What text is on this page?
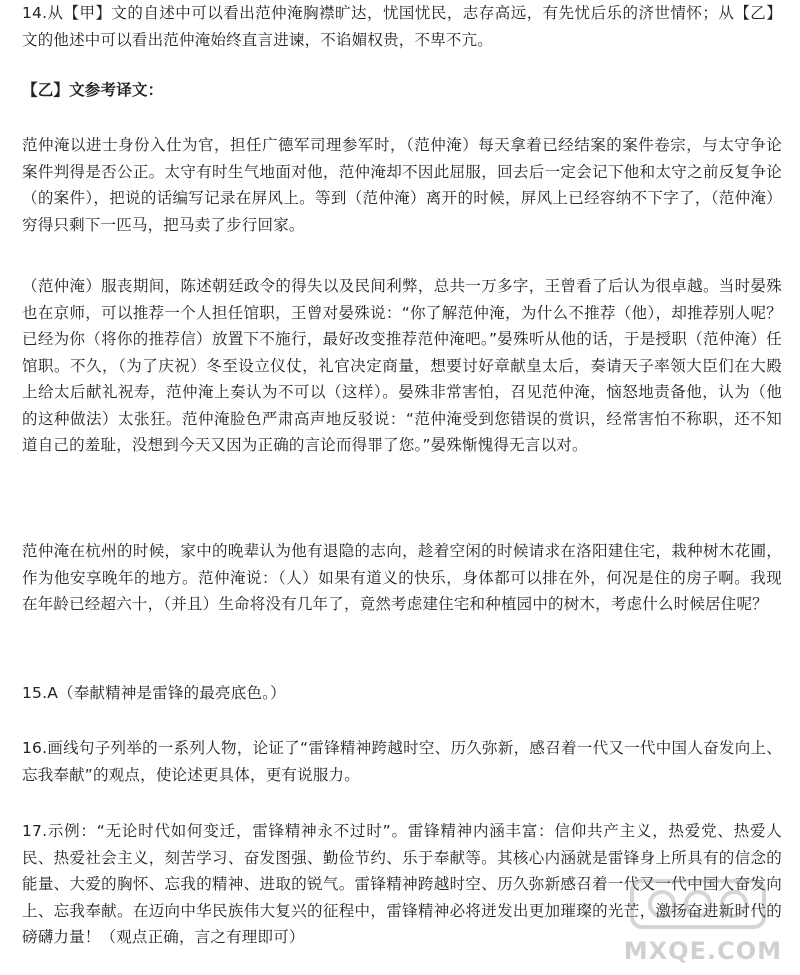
14.从【甲】文的自述中可以看出范仲淹胸襟旷达，忧国忧民，志存高远，有先忧后乐的济世情怀；从【乙】文的他述中可以看出范仲淹始终直言进谏，不谄媚权贵，不卑不亢。

【乙】文参考译文：

范仲淹以进士身份入仕为官，担任广德军司理参军时，（范仲淹）每天拿着已经结案的案件卷宗，与太守争论案件判得是否公正。太守有时生气地面对他，范仲淹却不因此屈服，回去后一定会记下他和太守之前反复争论（的案件），把说的话编写记录在屏风上。等到（范仲淹）离开的时候，屏风上已经容纳不下字了，（范仲淹）穷得只剩下一匹马，把马卖了步行回家。

（范仲淹）服丧期间，陈述朝廷政令的得失以及民间利弊，总共一万多字，王曾看了后认为很卓越。当时晏殊也在京师，可以推荐一个人担任馆职，王曾对晏殊说：“你了解范仲淹，为什么不推荐（他），却推荐别人呢？已经为你（将你的推荐信）放置下不施行，最好改变推荐范仲淹吧。”晏殊听从他的话，于是授职（范仲淹）任馆职。不久，（为了庆祝）冬至设立仪仗，礼官决定商量，想要讨好章献皇太后，奏请天子率领大臣们在大殿上给太后献礼祝寿，范仲淹上奏认为不可以（这样）。晏殊非常害怕，召见范仲淹，恼怒地责备他，认为（他的这种做法）太张狂。范仲淹脸色严肃高声地反驳说：“范仲淹受到您错误的赏识，经常害怕不称职，还不知道自己的羞耻，没想到今天又因为正确的言论而得罪了您。”晏殊惭愧得无言以对。

范仲淹在杭州的时候，家中的晚辈认为他有退隐的志向，趁着空闲的时候请求在洛阳建住宅，栽种树木花圃，作为他安享晚年的地方。范仲淹说：（人）如果有道义的快乐，身体都可以排在外，何况是住的房子啊。我现在年龄已经超六十，（并且）生命将没有几年了，竟然考虑建住宅和种植园中的树木，考虑什么时候居住呢？

15.A（奉献精神是雷锋的最亮底色。）

16.画线句子列举的一系列人物，论证了“雷锋精神跨越时空、历久弥新，感召着一代又一代中国人奋发向上、忘我奉献”的观点，使论述更具体，更有说服力。

17.示例：“无论时代如何变迁，雷锋精神永不过时”。雷锋精神内涵丰富：信仰共产主义，热爱党、热爱人民、热爱社会主义，刻苦学习、奋发图强、勤俭节约、乐于奉献等。其核心内涵就是雷锋身上所具有的信念的能量、大爱的胸怀、忘我的精神、进取的锐气。雷锋精神跨越时空、历久弥新感召着一代又一代中国人奋发向上、忘我奉献。在迈向中华民族伟大复兴的征程中，雷锋精神必将迸发出更加璀璨的光芒，激扬奋进新时代的磅礴力量！（观点正确，言之有理即可）	MXQE.COM
